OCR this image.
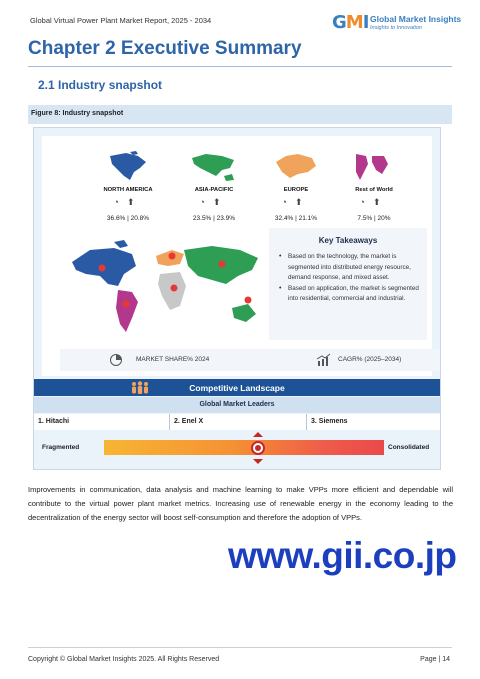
Global Virtual Power Plant Market Report, 2025 - 2034	GMI Global Market Insights
Insights to Innovation
Chapter 2 Executive Summary
2.1 Industry snapshot
Figure 8: Industry snapshot
NORTH AMERICA
◔⬆
36.6% | 20.8%
ASIA-PACIFIC
◔⬆
23.5% | 23.9%
EUROPE
◔⬆
32.4% | 21.1%
Rest of World
◔⬆
7.5% | 20%
Key Takeaways
• Based on the technology, the market is segmented into distributed energy resource, demand response, and mixed asset.
• Based on application, the market is segmented into residential, commercial and industrial.
MARKET SHARE% 2024	CAGR% (2025–2034)
Competitive Landscape
Global Market Leaders
1. Hitachi	2. Enel X	3. Siemens
Fragmented	Consolidated
Improvements in communication, data analysis and machine learning to make VPPs more efficient and dependable will contribute to the virtual power plant market metrics. Increasing use of renewable energy in the economy leading to the decentralization of the energy sector will boost self-consumption and therefore the adoption of VPPs.
www.gii.co.jp
Copyright © Global Market Insights 2025. All Rights Reserved	Page | 14
